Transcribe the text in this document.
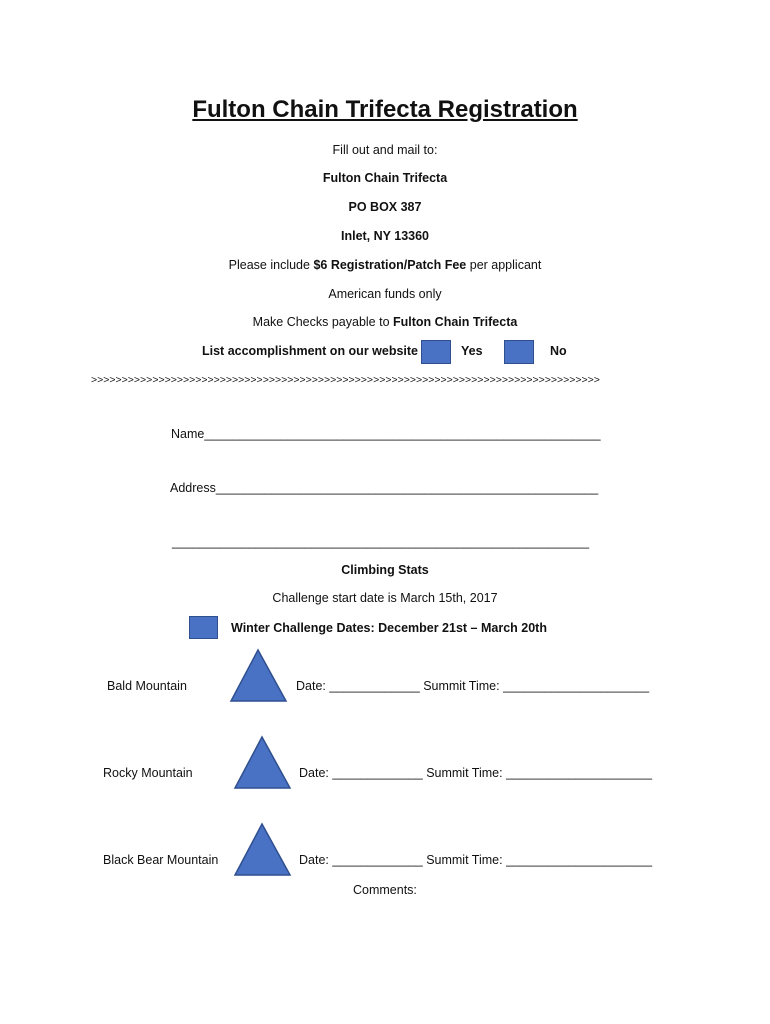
Fulton Chain Trifecta Registration
Fill out and mail to:
Fulton Chain Trifecta
PO BOX 387
Inlet, NY 13360
Please include $6 Registration/Patch Fee per applicant
American funds only
Make Checks payable to Fulton Chain Trifecta
List accomplishment on our website	Yes	No
>>>>>>>>>>>>>>>>>>>>>>>>>>>>>>>>>>>>>>>>>>>>>>>>>>>>>>>>>>>>>>>>>>>>>>>>>>>>>>>>>>>
Name_________________________________________________________
Address_______________________________________________________
____________________________________________________________
Climbing Stats
Challenge start date is March 15th, 2017
Winter Challenge Dates: December 21st – March 20th
Bald Mountain	Date: _____________ Summit Time: _____________________
Rocky Mountain	Date: _____________ Summit Time: _____________________
Black Bear Mountain	Date: _____________ Summit Time: _____________________
Comments:
